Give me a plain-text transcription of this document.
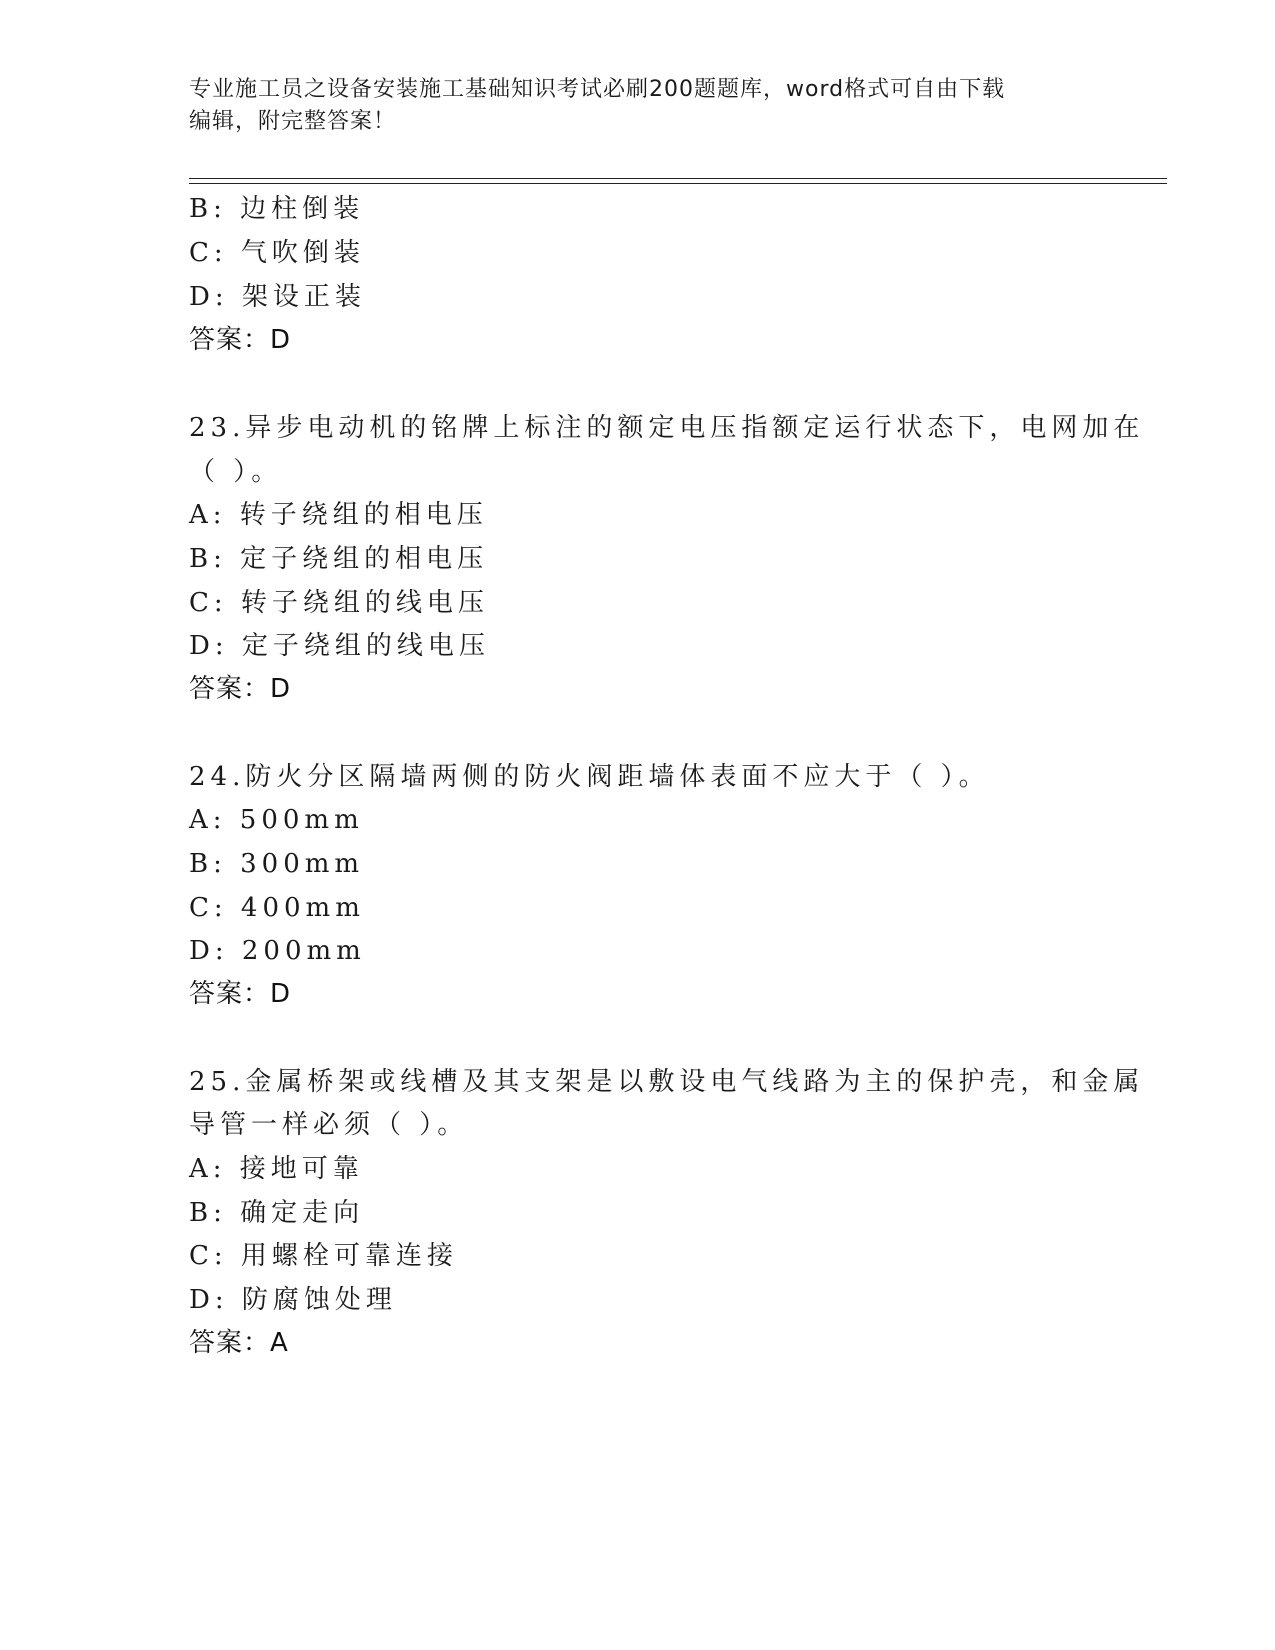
专业施工员之设备安装施工基础知识考试必刷200题题库，word格式可自由下载
编辑，附完整答案！
B: 边柱倒装
C: 气吹倒装
D: 架设正装
答案：D
23.异步电动机的铭牌上标注的额定电压指额定运行状态下，电网加在
（ ）。
A: 转子绕组的相电压
B: 定子绕组的相电压
C: 转子绕组的线电压
D: 定子绕组的线电压
答案：D
24.防火分区隔墙两侧的防火阀距墙体表面不应大于（ ）。
A: 500mm
B: 300mm
C: 400mm
D: 200mm
答案：D
25.金属桥架或线槽及其支架是以敷设电气线路为主的保护壳，和金属
导管一样必须（ ）。
A: 接地可靠
B: 确定走向
C: 用螺栓可靠连接
D: 防腐蚀处理
答案：A
